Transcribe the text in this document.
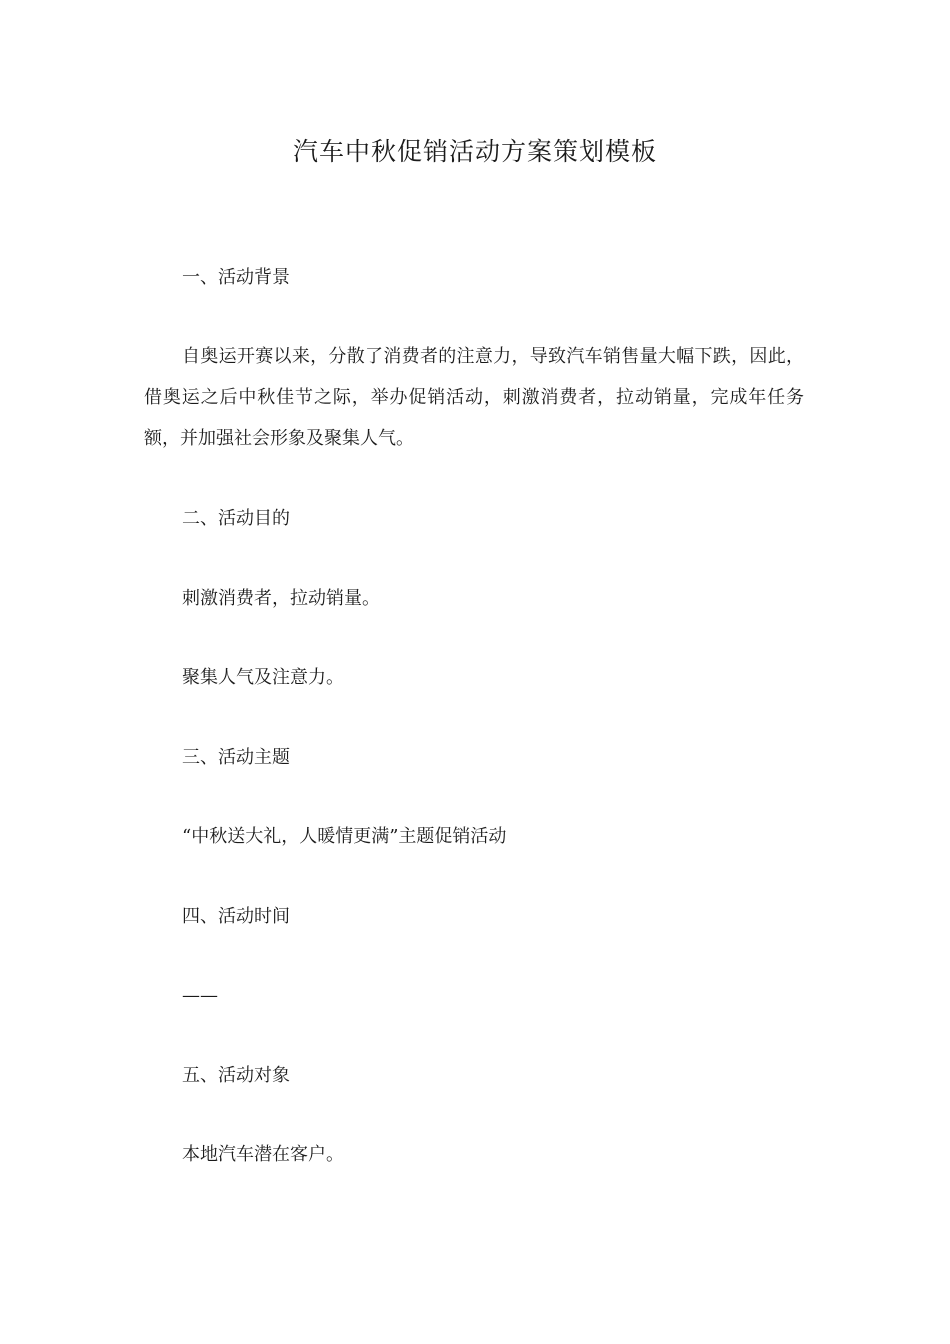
汽车中秋促销活动方案策划模板
一、活动背景
自奥运开赛以来，分散了消费者的注意力，导致汽车销售量大幅下跌，因此，借奥运之后中秋佳节之际，举办促销活动，刺激消费者，拉动销量，完成年任务额，并加强社会形象及聚集人气。
二、活动目的
刺激消费者，拉动销量。
聚集人气及注意力。
三、活动主题
“中秋送大礼，人暖情更满”主题促销活动
四、活动时间
——
五、活动对象
本地汽车潜在客户。
